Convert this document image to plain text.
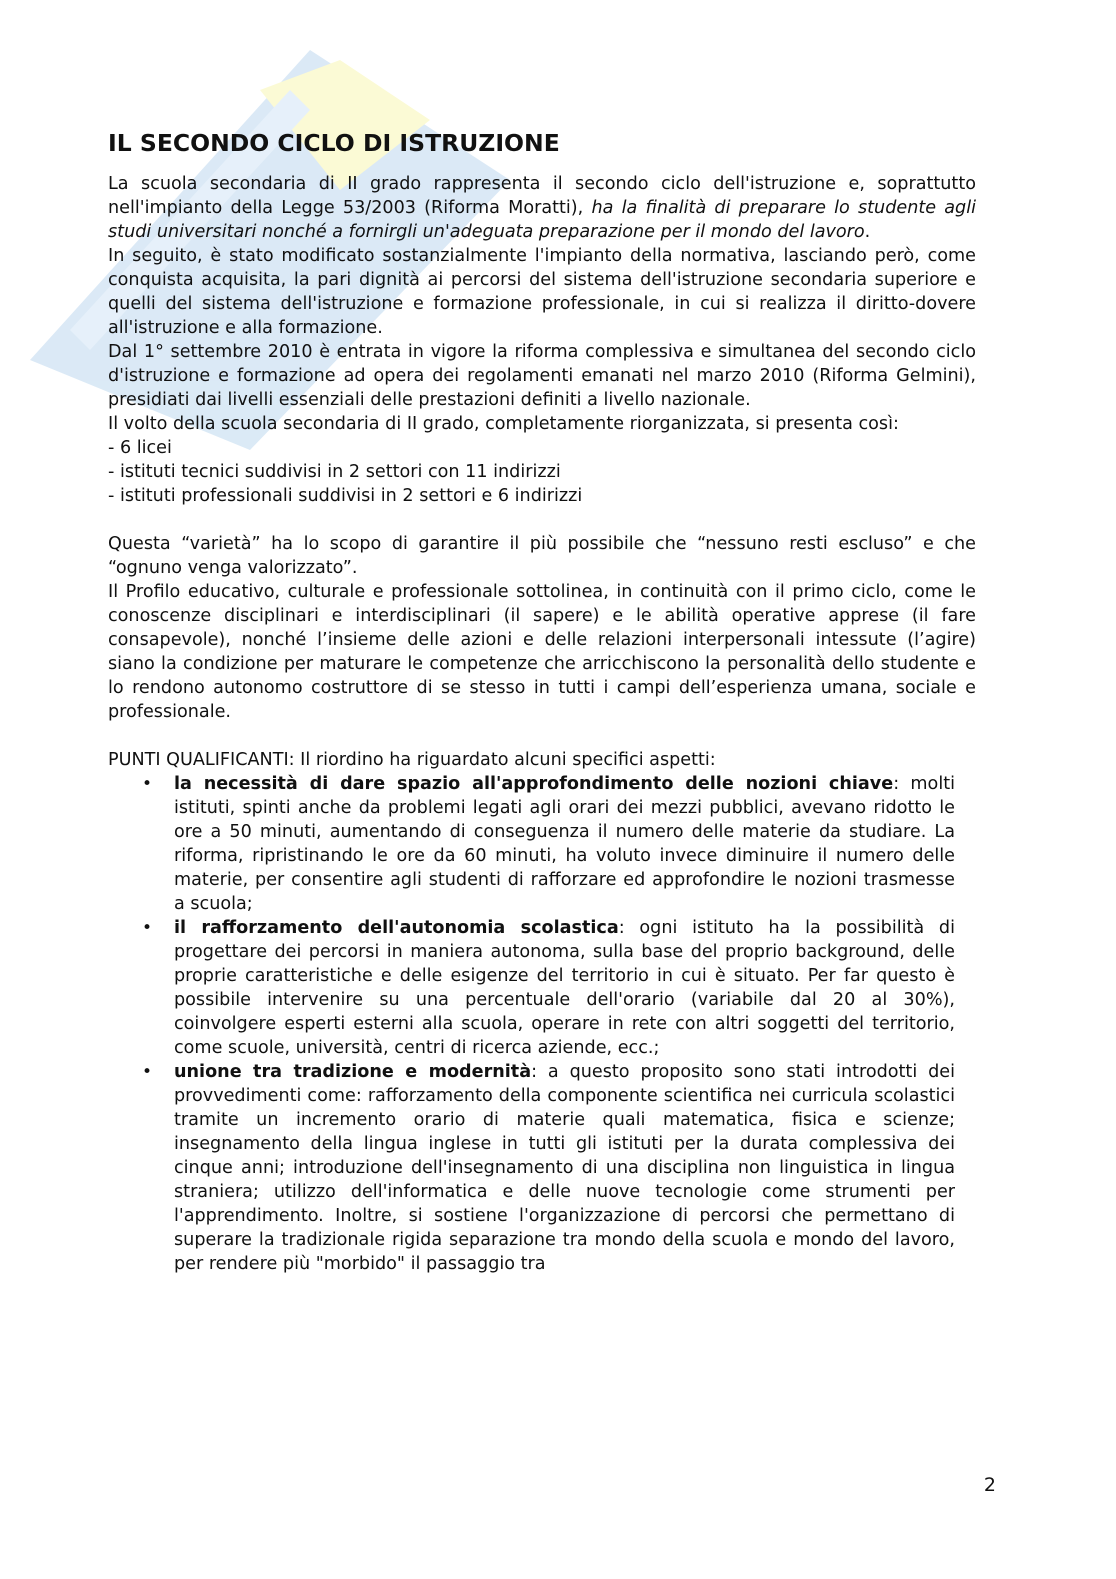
IL SECONDO CICLO DI ISTRUZIONE

La scuola secondaria di II grado rappresenta il secondo ciclo dell'istruzione e, soprattutto nell'impianto della Legge 53/2003 (Riforma Moratti), ha la finalità di preparare lo studente agli studi universitari nonché a fornirgli un'adeguata preparazione per il mondo del lavoro.

In seguito, è stato modificato sostanzialmente l'impianto della normativa, lasciando però, come conquista acquisita, la pari dignità ai percorsi del sistema dell'istruzione secondaria superiore e quelli del sistema dell'istruzione e formazione professionale, in cui si realizza il diritto-dovere all'istruzione e alla formazione.

Dal 1° settembre 2010 è entrata in vigore la riforma complessiva e simultanea del secondo ciclo d'istruzione e formazione ad opera dei regolamenti emanati nel marzo 2010 (Riforma Gelmini), presidiati dai livelli essenziali delle prestazioni definiti a livello nazionale.

Il volto della scuola secondaria di II grado, completamente riorganizzata, si presenta così:

- 6 licei

- istituti tecnici suddivisi in 2 settori con 11 indirizzi

- istituti professionali suddivisi in 2 settori e 6 indirizzi

Questa “varietà” ha lo scopo di garantire il più possibile che “nessuno resti escluso” e che “ognuno venga valorizzato”.

Il Profilo educativo, culturale e professionale sottolinea, in continuità con il primo ciclo, come le conoscenze disciplinari e interdisciplinari (il sapere) e le abilità operative apprese (il fare consapevole), nonché l’insieme delle azioni e delle relazioni interpersonali intessute (l’agire) siano la condizione per maturare le competenze che arricchiscono la personalità dello studente e lo rendono autonomo costruttore di se stesso in tutti i campi dell’esperienza umana, sociale e professionale.

PUNTI QUALIFICANTI: Il riordino ha riguardato alcuni specifici aspetti:

• la necessità di dare spazio all'approfondimento delle nozioni chiave: molti istituti, spinti anche da problemi legati agli orari dei mezzi pubblici, avevano ridotto le ore a 50 minuti, aumentando di conseguenza il numero delle materie da studiare. La riforma, ripristinando le ore da 60 minuti, ha voluto invece diminuire il numero delle materie, per consentire agli studenti di rafforzare ed approfondire le nozioni trasmesse a scuola;
• il rafforzamento dell'autonomia scolastica: ogni istituto ha la possibilità di progettare dei percorsi in maniera autonoma, sulla base del proprio background, delle proprie caratteristiche e delle esigenze del territorio in cui è situato. Per far questo è possibile intervenire su una percentuale dell'orario (variabile dal 20 al 30%), coinvolgere esperti esterni alla scuola, operare in rete con altri soggetti del territorio, come scuole, università, centri di ricerca aziende, ecc.;
• unione tra tradizione e modernità: a questo proposito sono stati introdotti dei provvedimenti come: rafforzamento della componente scientifica nei curricula scolastici tramite un incremento orario di materie quali matematica, fisica e scienze; insegnamento della lingua inglese in tutti gli istituti per la durata complessiva dei cinque anni; introduzione dell'insegnamento di una disciplina non linguistica in lingua straniera; utilizzo dell'informatica e delle nuove tecnologie come strumenti per l'apprendimento. Inoltre, si sostiene l'organizzazione di percorsi che permettano di superare la tradizionale rigida separazione tra mondo della scuola e mondo del lavoro, per rendere più "morbido" il passaggio tra
2
